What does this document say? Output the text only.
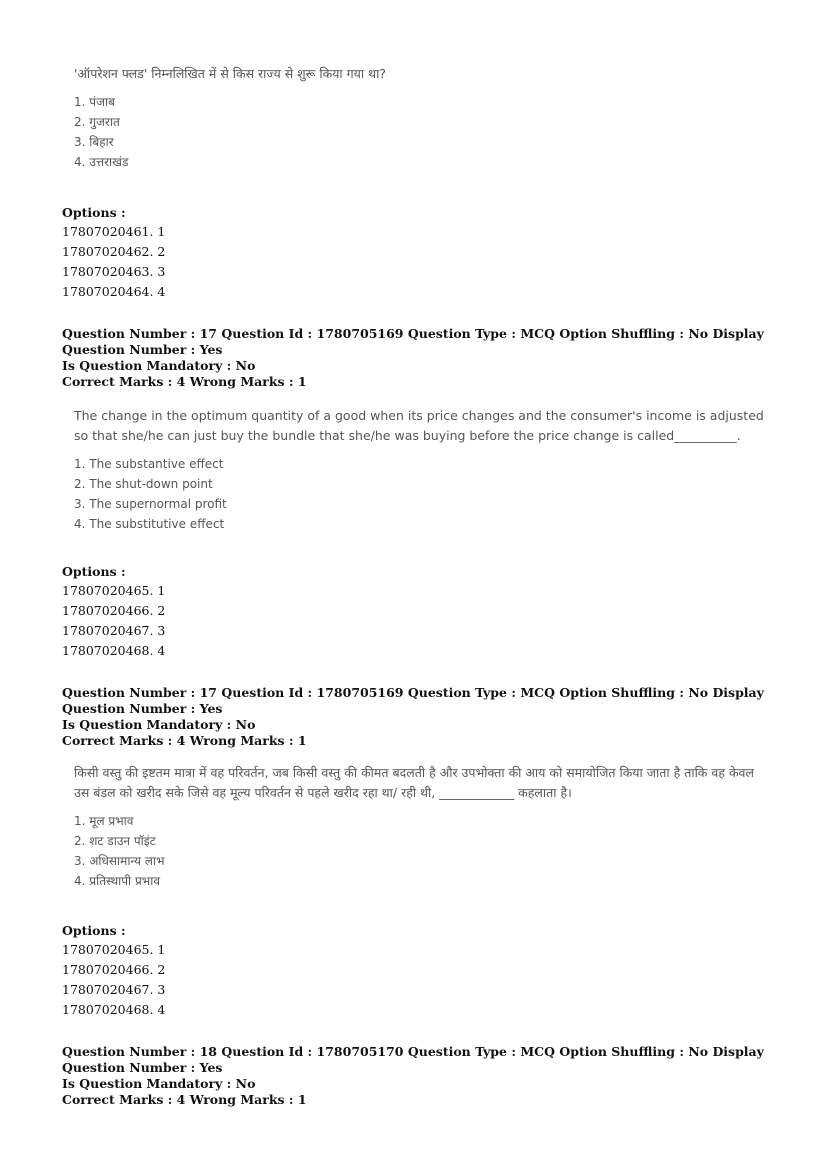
'ऑपरेशन फ्लड' निम्नलिखित में से किस राज्य से शुरू किया गया था?

1. पंजाब
2. गुजरात
3. बिहार
4. उत्तराखंड
Options :
17807020461. 1
17807020462. 2
17807020463. 3
17807020464. 4
Question Number : 17 Question Id : 1780705169 Question Type : MCQ Option Shuffling : No Display Question Number : Yes
Is Question Mandatory : No
Correct Marks : 4 Wrong Marks : 1

The change in the optimum quantity of a good when its price changes and the consumer's income is adjusted so that she/he can just buy the bundle that she/he was buying before the price change is called__________.

1. The substantive effect
2. The shut-down point
3. The supernormal profit
4. The substitutive effect
Options :
17807020465. 1
17807020466. 2
17807020467. 3
17807020468. 4
Question Number : 17 Question Id : 1780705169 Question Type : MCQ Option Shuffling : No Display Question Number : Yes
Is Question Mandatory : No
Correct Marks : 4 Wrong Marks : 1

किसी वस्तु की इष्टतम मात्रा में वह परिवर्तन, जब किसी वस्तु की कीमत बदलती है और उपभोक्ता की आय को समायोजित किया जाता है ताकि वह केवल उस बंडल को खरीद सके जिसे वह मूल्य परिवर्तन से पहले खरीद रहा था/ रही थी, ____________ कहलाता है।

1. मूल प्रभाव
2. शट डाउन पॉइंट
3. अधिसामान्य लाभ
4. प्रतिस्थापी प्रभाव
Options :
17807020465. 1
17807020466. 2
17807020467. 3
17807020468. 4
Question Number : 18 Question Id : 1780705170 Question Type : MCQ Option Shuffling : No Display Question Number : Yes
Is Question Mandatory : No
Correct Marks : 4 Wrong Marks : 1
